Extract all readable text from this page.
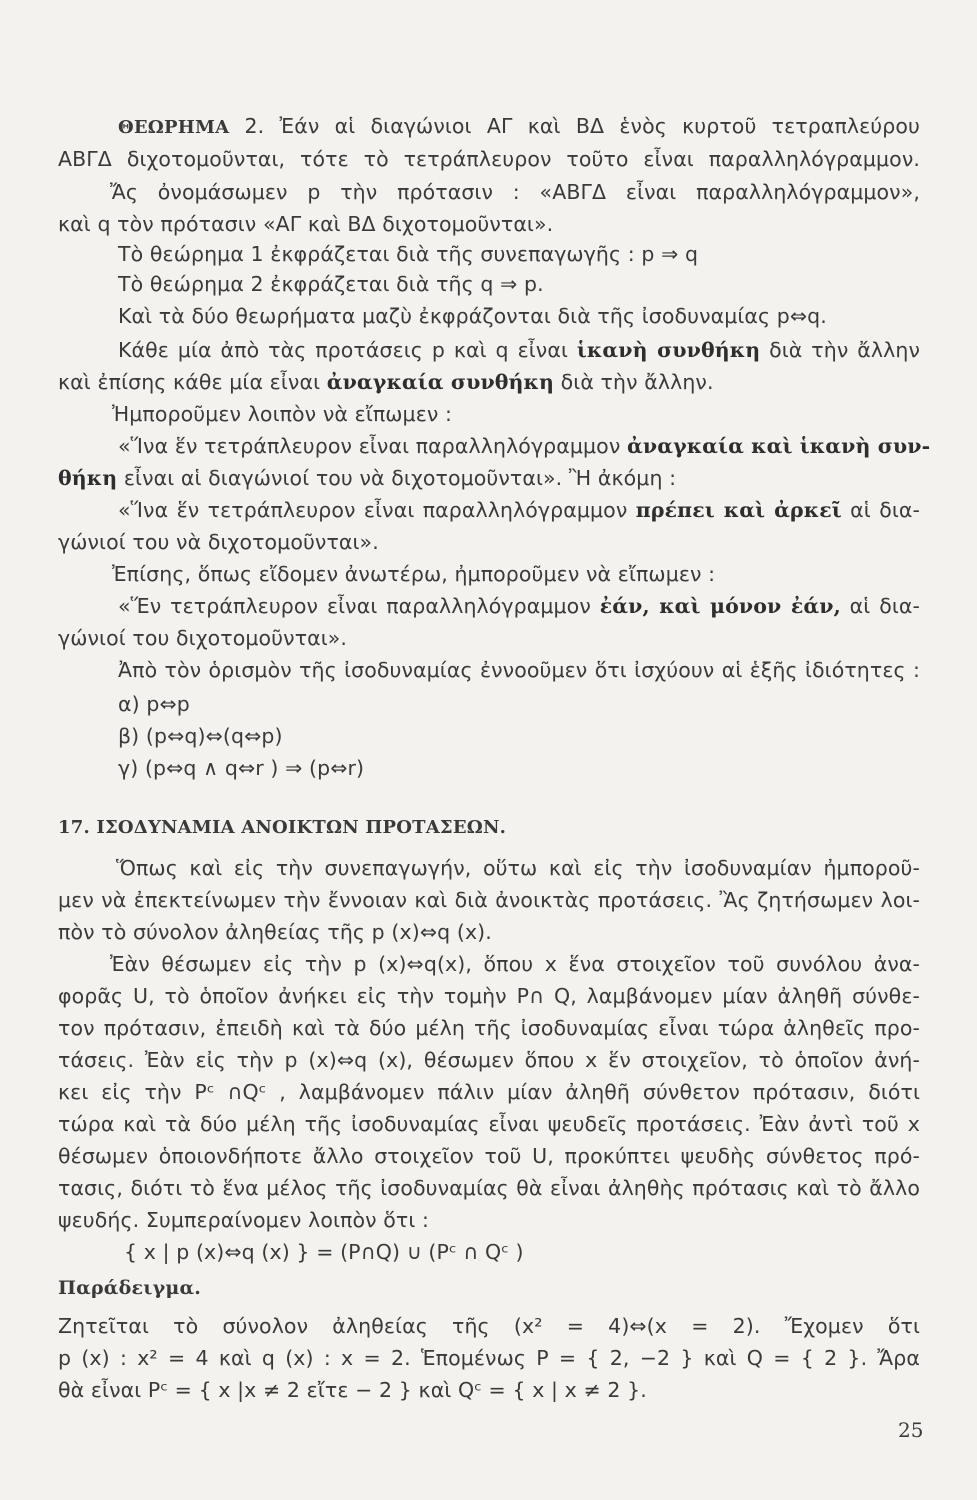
ΘΕΩΡΗΜΑ 2. Ἐάν αἱ διαγώνιοι ΑΓ καὶ ΒΔ ἑνὸς κυρτοῦ τετραπλεύρου
ΑΒΓΔ διχοτομοῦνται, τότε τὸ τετράπλευρον τοῦτο εἶναι παραλληλόγραμμον.
Ἄς ὀνομάσωμεν p τὴν πρότασιν : «ΑΒΓΔ εἶναι παραλληλόγραμμον»,
καὶ q τὸν πρότασιν «ΑΓ καὶ ΒΔ διχοτομοῦνται».
Τὸ θεώρημα 1 ἐκφράζεται διὰ τῆς συνεπαγωγῆς : p ⇒ q
Τὸ θεώρημα 2 ἐκφράζεται διὰ τῆς q ⇒ p.
Καὶ τὰ δύο θεωρήματα μαζὺ ἐκφράζονται διὰ τῆς ἰσοδυναμίας p⇔q.
Κάθε μία ἀπὸ τὰς προτάσεις p καὶ q εἶναι ἱκανὴ συνθήκη διὰ τὴν ἄλλην
καὶ ἐπίσης κάθε μία εἶναι ἀναγκαία συνθήκη διὰ τὴν ἄλλην.
Ἠμποροῦμεν λοιπὸν νὰ εἴπωμεν :
«Ἵνα ἕν τετράπλευρον εἶναι παραλληλόγραμμον ἀναγκαία καὶ ἱκανὴ συν-
θήκη εἶναι αἱ διαγώνιοί του νὰ διχοτομοῦνται». Ἢ ἀκόμη :
«Ἵνα ἕν τετράπλευρον εἶναι παραλληλόγραμμον πρέπει καὶ ἀρκεῖ αἱ δια-
γώνιοί του νὰ διχοτομοῦνται».
Ἐπίσης, ὅπως εἴδομεν ἀνωτέρω, ἠμποροῦμεν νὰ εἴπωμεν :
«Ἕν τετράπλευρον εἶναι παραλληλόγραμμον ἐάν, καὶ μόνον ἐάν, αἱ δια-
γώνιοί του διχοτομοῦνται».
Ἀπὸ τὸν ὁρισμὸν τῆς ἰσοδυναμίας ἐννοοῦμεν ὅτι ἰσχύουν αἱ ἑξῆς ἰδιότητες :
α) p⇔p
β) (p⇔q)⇔(q⇔p)
γ) (p⇔q ∧ q⇔r ) ⇒ (p⇔r)
17. ΙΣΟΔΥΝΑΜΙΑ ΑΝΟΙΚΤΩΝ ΠΡΟΤΑΣΕΩΝ.
Ὅπως καὶ εἰς τὴν συνεπαγωγήν, οὕτω καὶ εἰς τὴν ἰσοδυναμίαν ἠμποροῦ-
μεν νὰ ἐπεκτείνωμεν τὴν ἔννοιαν καὶ διὰ ἀνοικτὰς προτάσεις. Ἂς ζητήσωμεν λοι-
πὸν τὸ σύνολον ἀληθείας τῆς p (x)⇔q (x).
Ἐὰν θέσωμεν εἰς τὴν p (x)⇔q(x), ὅπου x ἕνα στοιχεῖον τοῦ συνόλου ἀνα-
φορᾶς U, τὸ ὁποῖον ἀνήκει εἰς τὴν τομὴν P∩ Q, λαμβάνομεν μίαν ἀληθῆ σύνθε-
τον πρότασιν, ἐπειδὴ καὶ τὰ δύο μέλη τῆς ἰσοδυναμίας εἶναι τώρα ἀληθεῖς προ-
τάσεις. Ἐὰν εἰς τὴν p (x)⇔q (x), θέσωμεν ὅπου x ἕν στοιχεῖον, τὸ ὁποῖον ἀνή-
κει εἰς τὴν Pᶜ ∩Qᶜ , λαμβάνομεν πάλιν μίαν ἀληθῆ σύνθετον πρότασιν, διότι
τώρα καὶ τὰ δύο μέλη τῆς ἰσοδυναμίας εἶναι ψευδεῖς προτάσεις. Ἐὰν ἀντὶ τοῦ x
θέσωμεν ὁποιονδήποτε ἄλλο στοιχεῖον τοῦ U, προκύπτει ψευδὴς σύνθετος πρό-
τασις, διότι τὸ ἕνα μέλος τῆς ἰσοδυναμίας θὰ εἶναι ἀληθὴς πρότασις καὶ τὸ ἄλλο
ψευδής. Συμπεραίνομεν λοιπὸν ὅτι :
{ x | p (x)⇔q (x) } = (P∩Q) ∪ (Pᶜ ∩ Qᶜ )
Παράδειγμα.
Ζητεῖται τὸ σύνολον ἀληθείας τῆς (x² = 4)⇔(x = 2). Ἔχομεν ὅτι
p (x) : x² = 4 καὶ q (x) : x = 2. Ἑπομένως P = { 2, −2 } καὶ Q = { 2 }. Ἄρα
θὰ εἶναι Pᶜ = { x |x ≠ 2 εἴτε − 2 } καὶ Qᶜ = { x | x ≠ 2 }.
25
